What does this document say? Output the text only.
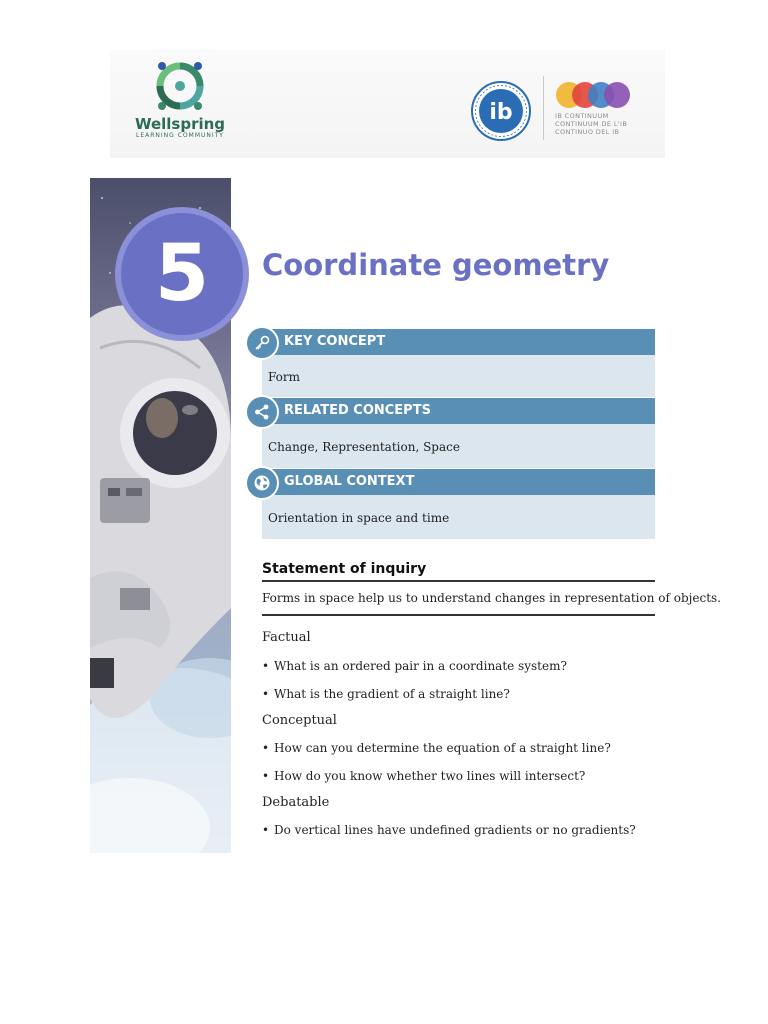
Wellspring
LEARNING COMMUNITY
ib	IB CONTINUUM
CONTINUUM DE L'IB
CONTINUO DEL IB
5 Coordinate geometry
KEY CONCEPT
Form
RELATED CONCEPTS
Change, Representation, Space
GLOBAL CONTEXT
Orientation in space and time
Statement of inquiry
Forms in space help us to understand changes in representation of objects.
Factual
• What is an ordered pair in a coordinate system?
• What is the gradient of a straight line?
Conceptual
• How can you determine the equation of a straight line?
• How do you know whether two lines will intersect?
Debatable
• Do vertical lines have undefined gradients or no gradients?
